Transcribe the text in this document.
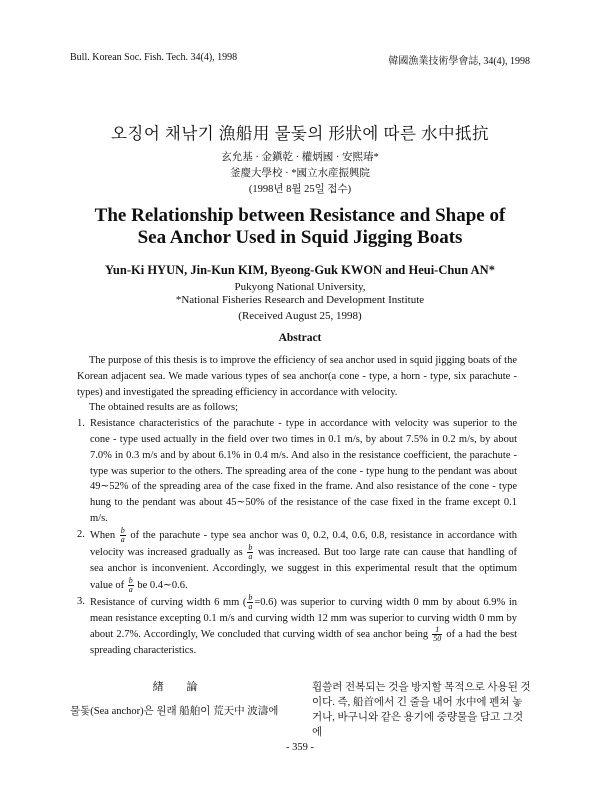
Bull. Korean Soc. Fish. Tech. 34(4), 1998	韓國漁業技術學會誌, 34(4), 1998
오징어 채낚기 漁船用 물돛의 形狀에 따른 水中抵抗
玄允基 · 金鎭乾 · 權炳國 · 安熙瑃*
釜慶大學校 · *國立水産振興院
(1998년 8월 25일 접수)
The Relationship between Resistance and Shape of
Sea Anchor Used in Squid Jigging Boats
Yun-Ki HYUN, Jin-Kun KIM, Byeong-Guk KWON and Heui-Chun AN*
Pukyong National University,
*National Fisheries Research and Development Institute
(Received August 25, 1998)
Abstract

The purpose of this thesis is to improve the efficiency of sea anchor used in squid jigging boats of the Korean adjacent sea. We made various types of sea anchor(a cone - type, a horn - type, six parachute - types) and investigated the spreading efficiency in accordance with velocity.

The obtained results are as follows;

1. Resistance characteristics of the parachute - type in accordance with velocity was superior to the cone - type used actually in the field over two times in 0.1 m/s, by about 7.5% in 0.2 m/s, by about 7.0% in 0.3 m/s and by about 6.1% in 0.4 m/s. And also in the resistance coefficient, the parachute - type was superior to the others. The spreading area of the cone - type hung to the pendant was about 49∼52% of the spreading area of the case fixed in the frame. And also resistance of the cone - type hung to the pendant was about 45∼50% of the resistance of the case fixed in the frame except 0.1 m/s.
2. When $\frac{b}{a}$ of the parachute - type sea anchor was 0, 0.2, 0.4, 0.6, 0.8, resistance in accordance with velocity was increased gradually as $\frac{b}{a}$ was increased. But too large rate can cause that handling of sea anchor is inconvenient. Accordingly, we suggest in this experimental result that the optimum value of $\frac{b}{a}$ be 0.4∼0.6.
3. Resistance of curving width 6 mm ( $\frac{b}{a} =0.6$) was superior to curving width 0 mm by about 6.9% in mean resistance excepting 0.1 m/s and curving width 12 mm was superior to curving width 0 mm by about 2.7%. Accordingly, We concluded that curving width of sea anchor being $\frac{1}{50}$ of a had the best spreading characteristics.
緖 論

물돛(Sea anchor)은 원래 船舶이 荒天中 波濤에

휩쓸려 전복되는 것을 방지할 목적으로 사용된 것이다. 즉, 船首에서 긴 줄을 내어 水中에 펜쳐 놓거나, 바구니와 같은 용기에 중량물을 담고 그것에

- 359 -
